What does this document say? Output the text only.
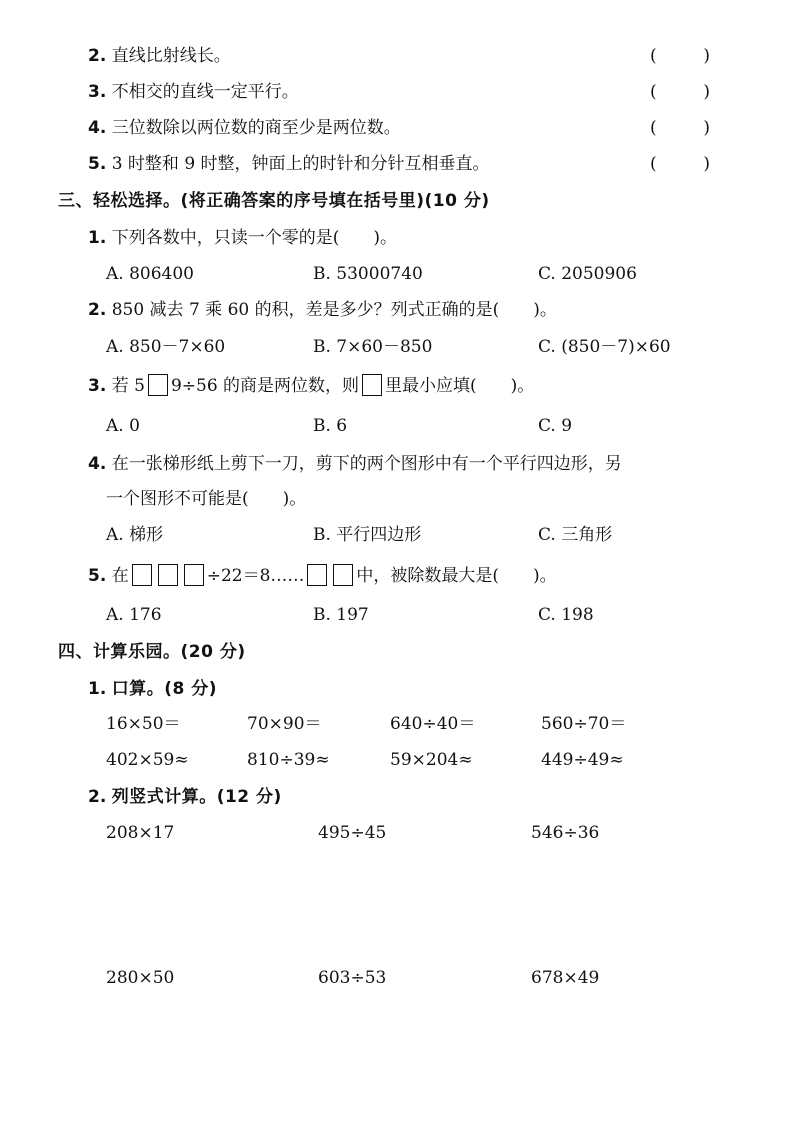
2. 直线比射线长。	(	)
3. 不相交的直线一定平行。	(	)
4. 三位数除以两位数的商至少是两位数。	(	)
5. 3 时整和 9 时整，钟面上的时针和分针互相垂直。	(	)
三、轻松选择。(将正确答案的序号填在括号里)(10 分)
1. 下列各数中，只读一个零的是(　　)。
A. 806400	B. 53000740	C. 2050906
2. 850 减去 7 乘 60 的积，差是多少？列式正确的是(　　)。
A. 850－7×60	B. 7×60－850	C. (850－7)×60
3. 若 5 9÷56 的商是两位数，则 里最小应填(　　)。
A. 0	B. 6	C. 9
4. 在一张梯形纸上剪下一刀，剪下的两个图形中有一个平行四边形，另
一个图形不可能是(　　)。
A. 梯形	B. 平行四边形	C. 三角形
5. 在	÷22＝8……	中，被除数最大是(　　)。
A. 176	B. 197	C. 198
四、计算乐园。(20 分)
1. 口算。(8 分)
16×50＝	70×90＝	640÷40＝	560÷70＝
402×59≈	810÷39≈	59×204≈	449÷49≈
2. 列竖式计算。(12 分)
208×17	495÷45	546÷36
280×50	603÷53	678×49
